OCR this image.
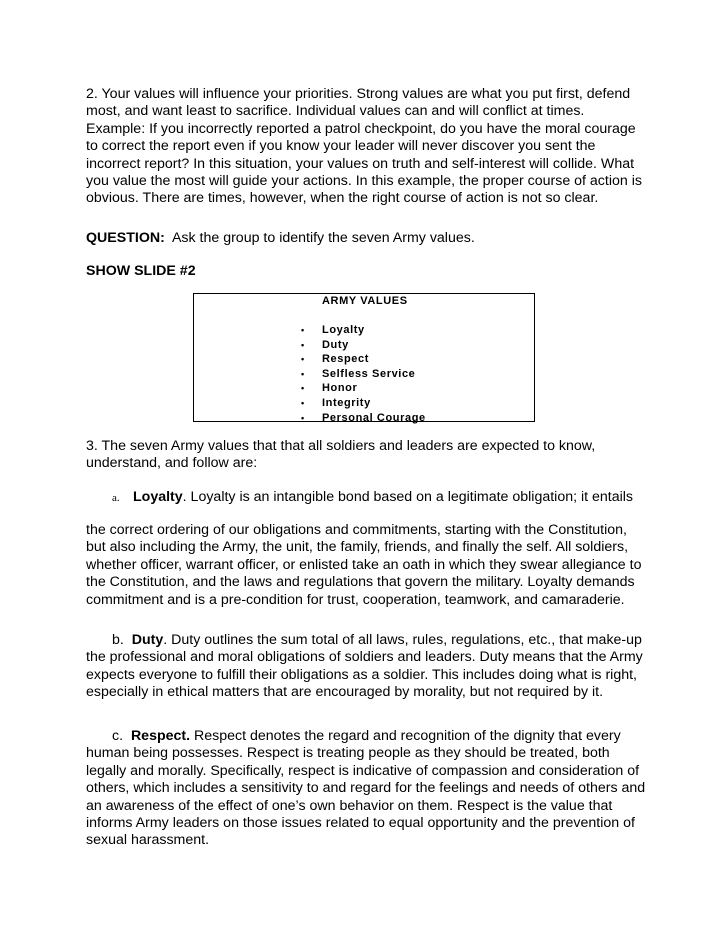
2. Your values will influence your priorities. Strong values are what you put first, defend most, and want least to sacrifice. Individual values can and will conflict at times. Example: If you incorrectly reported a patrol checkpoint, do you have the moral courage to correct the report even if you know your leader will never discover you sent the incorrect report? In this situation, your values on truth and self-interest will collide. What you value the most will guide your actions. In this example, the proper course of action is obvious. There are times, however, when the right course of action is not so clear.
QUESTION: Ask the group to identify the seven Army values.
SHOW SLIDE #2
ARMY VALUES
• Loyalty
• Duty
• Respect
• Selfless Service
• Honor
• Integrity
• Personal Courage
3. The seven Army values that that all soldiers and leaders are expected to know, understand, and follow are:
a. Loyalty. Loyalty is an intangible bond based on a legitimate obligation; it entails
the correct ordering of our obligations and commitments, starting with the Constitution, but also including the Army, the unit, the family, friends, and finally the self. All soldiers, whether officer, warrant officer, or enlisted take an oath in which they swear allegiance to the Constitution, and the laws and regulations that govern the military. Loyalty demands commitment and is a pre-condition for trust, cooperation, teamwork, and camaraderie.
b. Duty. Duty outlines the sum total of all laws, rules, regulations, etc., that make-up the professional and moral obligations of soldiers and leaders. Duty means that the Army expects everyone to fulfill their obligations as a soldier. This includes doing what is right, especially in ethical matters that are encouraged by morality, but not required by it.
c. Respect. Respect denotes the regard and recognition of the dignity that every human being possesses. Respect is treating people as they should be treated, both legally and morally. Specifically, respect is indicative of compassion and consideration of others, which includes a sensitivity to and regard for the feelings and needs of others and an awareness of the effect of one’s own behavior on them. Respect is the value that informs Army leaders on those issues related to equal opportunity and the prevention of sexual harassment.
